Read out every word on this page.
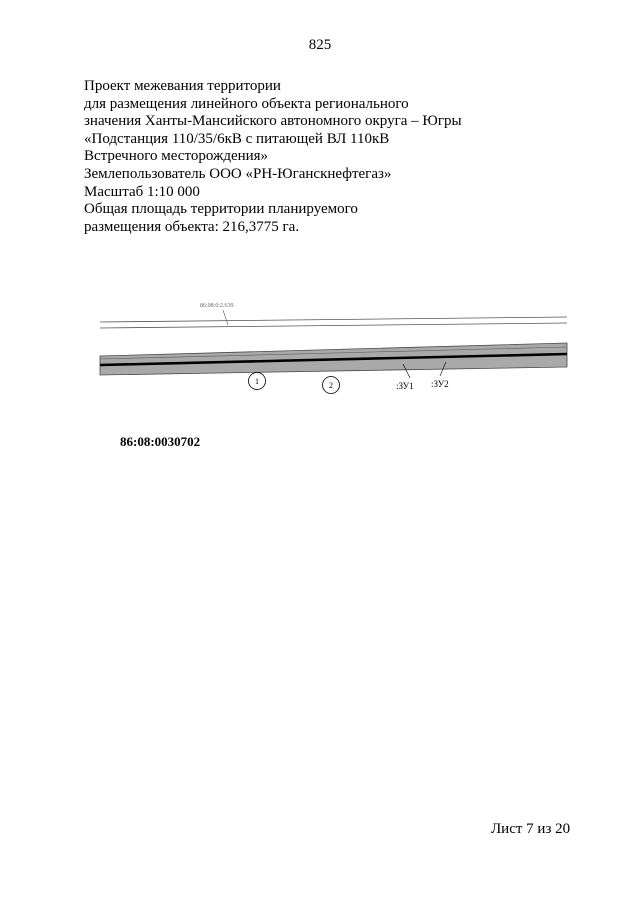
825
Проект межевания территории
для размещения линейного объекта регионального
значения Ханты-Мансийского автономного округа – Югры
«Подстанция 110/35/6кВ с питающей ВЛ 110кВ
Встречного месторождения»
Землепользователь ООО «РН-Юганскнефтегаз»
Масштаб 1:10 000
Общая площадь территории планируемого
размещения объекта: 216,3775 га.
86:08:0:2.639
1	2	:ЗУ1 :ЗУ2
86:08:0030702
Лист 7 из 20
